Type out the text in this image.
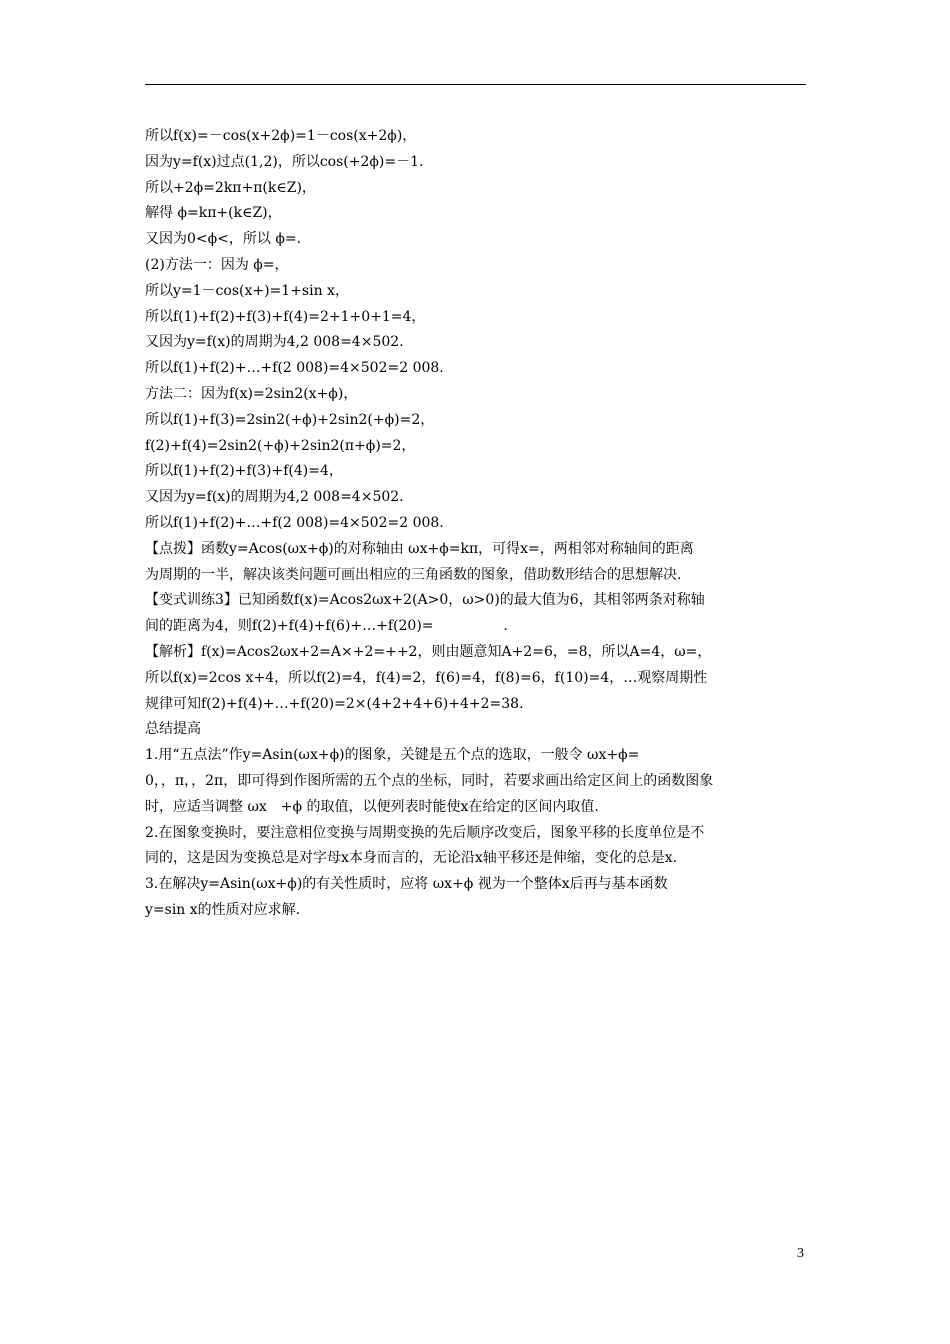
所以f(x)=－cos(x+2ϕ)=1－cos(x+2ϕ)，
因为y=f(x)过点(1,2)，所以cos(+2ϕ)=－1.
所以+2ϕ=2kπ+π(k∈Z)，
解得 ϕ=kπ+(k∈Z)，
又因为0<ϕ<，所以 ϕ=.
(2)方法一：因为 ϕ=，
所以y=1－cos(x+)=1+sin x，
所以f(1)+f(2)+f(3)+f(4)=2+1+0+1=4，
又因为y=f(x)的周期为4,2 008=4×502.
所以f(1)+f(2)+…+f(2 008)=4×502=2 008.
方法二：因为f(x)=2sin2(x+ϕ)，
所以f(1)+f(3)=2sin2(+ϕ)+2sin2(+ϕ)=2，
f(2)+f(4)=2sin2(+ϕ)+2sin2(π+ϕ)=2，
所以f(1)+f(2)+f(3)+f(4)=4，
又因为y=f(x)的周期为4,2 008=4×502.
所以f(1)+f(2)+…+f(2 008)=4×502=2 008.
【点拨】函数y=Acos(ωx+ϕ)的对称轴由 ωx+ϕ=kπ，可得x=，两相邻对称轴间的距离
为周期的一半，解决该类问题可画出相应的三角函数的图象，借助数形结合的思想解决.
【变式训练3】已知函数f(x)=Acos2ωx+2(A>0，ω>0)的最大值为6，其相邻两条对称轴
间的距离为4，则f(2)+f(4)+f(6)+…+f(20)=　　　　　.
【解析】f(x)=Acos2ωx+2=A×+2=++2，则由题意知A+2=6，=8，所以A=4，ω=，
所以f(x)=2cos x+4，所以f(2)=4，f(4)=2，f(6)=4，f(8)=6，f(10)=4，…观察周期性
规律可知f(2)+f(4)+…+f(20)=2×(4+2+4+6)+4+2=38.
总结提高
1.用“五点法”作y=Asin(ωx+ϕ)的图象，关键是五个点的选取，一般令 ωx+ϕ=
0，，π，，2π，即可得到作图所需的五个点的坐标，同时，若要求画出给定区间上的函数图象
时，应适当调整 ωx　+ϕ 的取值，以便列表时能使x在给定的区间内取值.
2.在图象变换时，要注意相位变换与周期变换的先后顺序改变后，图象平移的长度单位是不
同的，这是因为变换总是对字母x本身而言的，无论沿x轴平移还是伸缩，变化的总是x.
3.在解决y=Asin(ωx+ϕ)的有关性质时，应将 ωx+ϕ 视为一个整体x后再与基本函数
y=sin x的性质对应求解.
3
